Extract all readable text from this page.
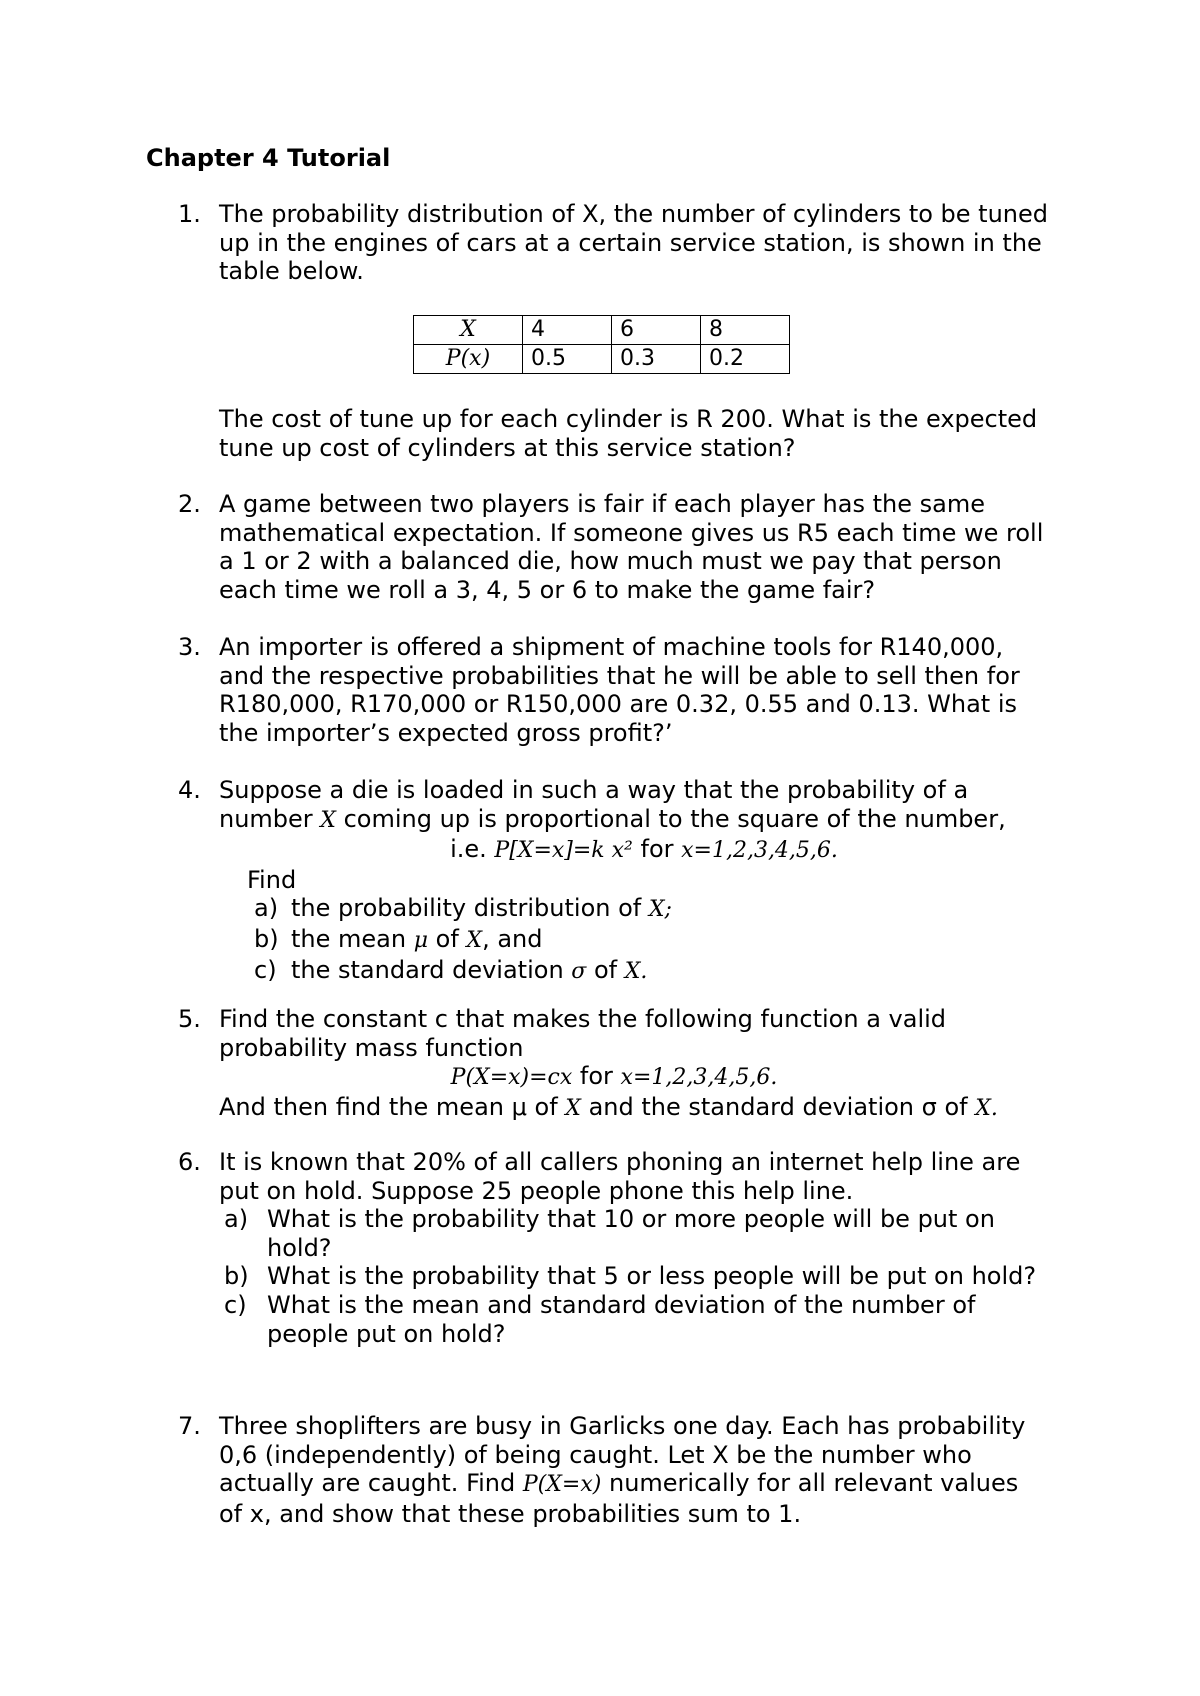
Chapter 4 Tutorial
1. The probability distribution of X, the number of cylinders to be tuned
up in the engines of cars at a certain service station, is shown in the
table below.
X	4	6	8
P(x)	0.5	0.3	0.2
The cost of tune up for each cylinder is R 200. What is the expected
tune up cost of cylinders at this service station?
2. A game between two players is fair if each player has the same
mathematical expectation. If someone gives us R5 each time we roll
a 1 or 2 with a balanced die, how much must we pay that person
each time we roll a 3, 4, 5 or 6 to make the game fair?
3. An importer is offered a shipment of machine tools for R140,000,
and the respective probabilities that he will be able to sell then for
R180,000, R170,000 or R150,000 are 0.32, 0.55 and 0.13. What is
the importer’s expected gross profit?’
4. Suppose a die is loaded in such a way that the probability of a
number X coming up is proportional to the square of the number,
i.e. P[X=x]=k x² for x=1,2,3,4,5,6.
Find
a) the probability distribution of X;
b) the mean μ of X, and
c) the standard deviation σ of X.
5. Find the constant c that makes the following function a valid
probability mass function
P(X=x)=cx for x=1,2,3,4,5,6.
And then find the mean μ of X and the standard deviation σ of X.
6. It is known that 20% of all callers phoning an internet help line are
put on hold. Suppose 25 people phone this help line.
a) What is the probability that 10 or more people will be put on
hold?
b) What is the probability that 5 or less people will be put on hold?
c) What is the mean and standard deviation of the number of
people put on hold?
7. Three shoplifters are busy in Garlicks one day. Each has probability
0,6 (independently) of being caught. Let X be the number who
actually are caught. Find P(X=x) numerically for all relevant values
of x, and show that these probabilities sum to 1.
